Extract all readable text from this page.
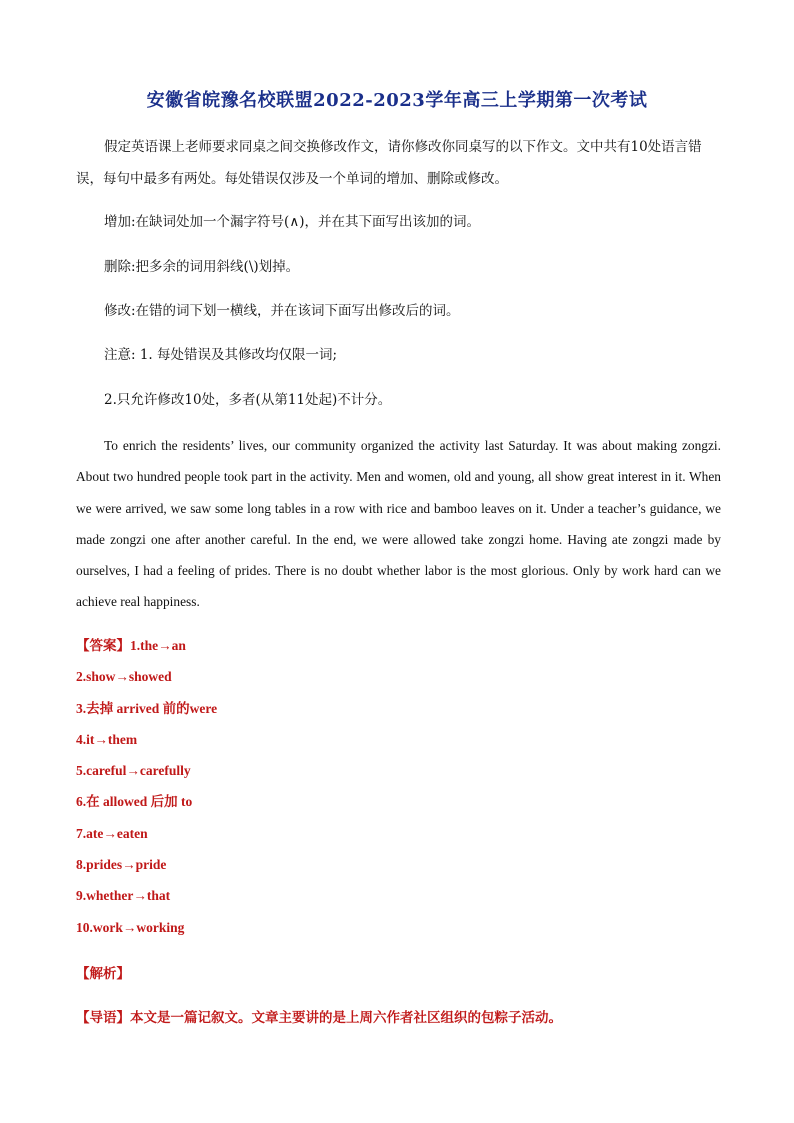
安徽省皖豫名校联盟2022-2023学年高三上学期第一次考试

假定英语课上老师要求同桌之间交换修改作文，请你修改你同桌写的以下作文。文中共有10处语言错误，每句中最多有两处。每处错误仅涉及一个单词的增加、删除或修改。

增加:在缺词处加一个漏字符号(∧)，并在其下面写出该加的词。

删除:把多余的词用斜线(\)划掉。

修改:在错的词下划一横线，并在该词下面写出修改后的词。

注意: 1. 每处错误及其修改均仅限一词;

2.只允许修改10处，多者(从第11处起)不计分。

To enrich the residents’ lives, our community organized the activity last Saturday. It was about making zongzi. About two hundred people took part in the activity. Men and women, old and young, all show great interest in it. When we were arrived, we saw some long tables in a row with rice and bamboo leaves on it. Under a teacher’s guidance, we made zongzi one after another careful. In the end, we were allowed take zongzi home. Having ate zongzi made by ourselves, I had a feeling of prides. There is no doubt whether labor is the most glorious. Only by work hard can we achieve real happiness.

【答案】1.the→an
2.show→showed
3.去掉 arrived 前的were
4.it→them
5.careful→carefully
6.在 allowed 后加 to
7.ate→eaten
8.prides→pride
9.whether→that
10.work→working
【解析】
【导语】本文是一篇记叙文。文章主要讲的是上周六作者社区组织的包粽子活动。
